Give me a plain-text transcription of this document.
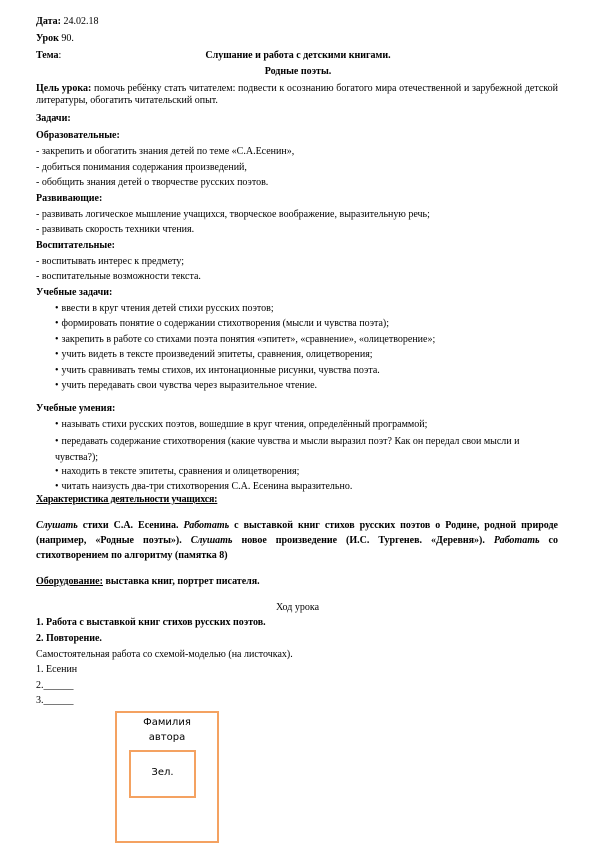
Дата: 24.02.18
Урок 90.
Тема:	Слушание и работа с детскими книгами.
Родные поэты.
Цель урока: помочь ребёнку стать читателем: подвести к осознанию богатого мира отечественной и зарубежной детской литературы, обогатить читательский опыт.
Задачи:
Образовательные:
- закрепить и обогатить знания детей по теме «С.А.Есенин»,
- добиться понимания содержания произведений,
- обобщить знания детей о творчестве русских поэтов.
Развивающие:
- развивать логическое мышление учащихся, творческое воображение, выразительную речь;
- развивать скорость техники чтения.
Воспитательные:
- воспитывать интерес к предмету;
- воспитательные возможности текста.
Учебные задачи:
• ввести в круг чтения детей стихи русских поэтов;
• формировать понятие о содержании стихотворения (мысли и чувства поэта);
• закрепить в работе со стихами поэта понятия «эпитет», «сравнение», «олицетворение»;
• учить видеть в тексте произведений эпитеты, сравнения, олицетворения;
• учить сравнивать темы стихов, их интонационные рисунки, чувства поэта.
• учить передавать свои чувства через выразительное чтение.
Учебные умения:
• называть стихи русских поэтов, вошедшие в круг чтения, определённый программой;
• передавать содержание стихотворения (какие чувства и мысли выразил поэт? Как он передал свои мысли и чувства?);
• находить в тексте эпитеты, сравнения и олицетворения;
• читать наизусть два-три стихотворения С.А. Есенина выразительно.
Характеристика деятельности учащихся:
Слушать стихи С.А. Есенина. Работать с выставкой книг стихов русских поэтов о Родине, родной природе (например, «Родные поэты»). Слушать новое произведение (И.С. Тургенев. «Деревня»). Работать со стихотворением по алгоритму (памятка 8)
Оборудование: выставка книг, портрет писателя.
Ход урока
1. Работа с выставкой книг стихов русских поэтов.
2. Повторение.
Самостоятельная работа со схемой-моделью (на листочках).
1. Есенин
2.______
3.______
Фамилия
автора
Зел.
